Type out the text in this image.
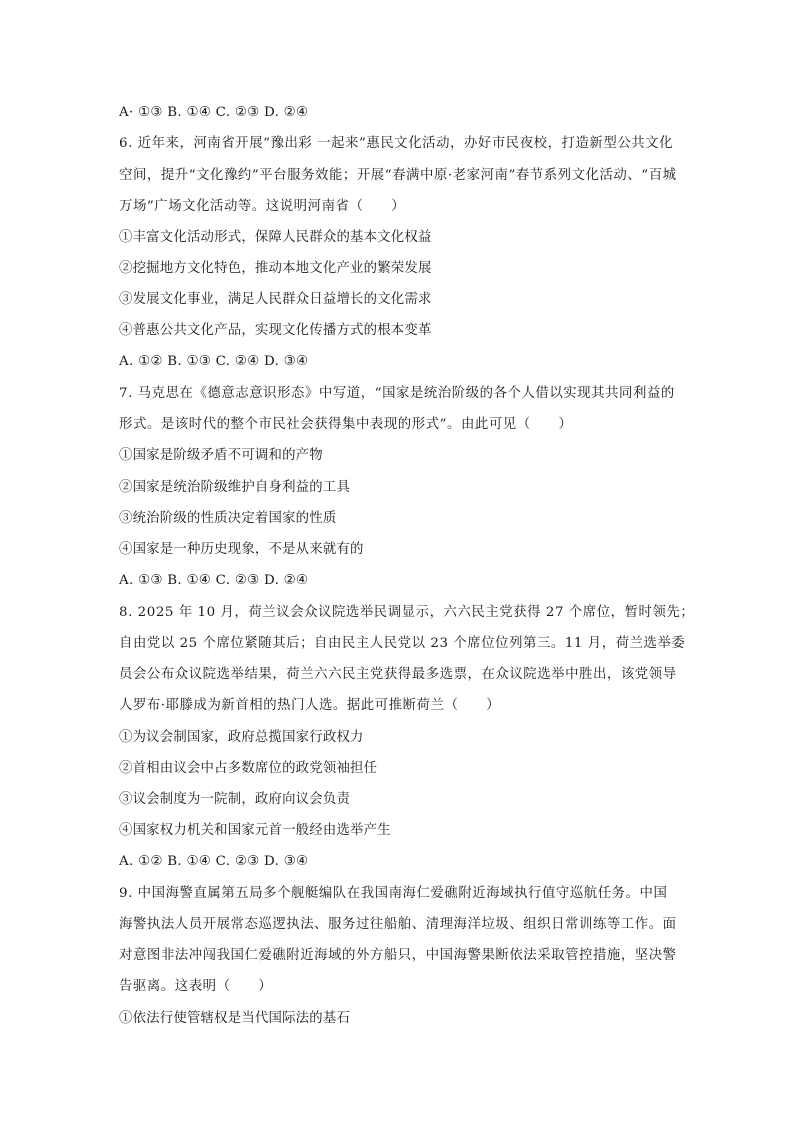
A· ①③ B. ①④ C. ②③ D. ②④
6. 近年来，河南省开展“豫出彩 一起来”惠民文化活动，办好市民夜校，打造新型公共文化
空间，提升“文化豫约”平台服务效能；开展“春满中原·老家河南”春节系列文化活动、“百城
万场”广场文化活动等。这说明河南省（　　）
①丰富文化活动形式，保障人民群众的基本文化权益
②挖掘地方文化特色，推动本地文化产业的繁荣发展
③发展文化事业，满足人民群众日益增长的文化需求
④普惠公共文化产品，实现文化传播方式的根本变革
A. ①② B. ①③ C. ②④ D. ③④
7. 马克思在《德意志意识形态》中写道，“国家是统治阶级的各个人借以实现其共同利益的
形式。是该时代的整个市民社会获得集中表现的形式”。由此可见（　　）
①国家是阶级矛盾不可调和的产物
②国家是统治阶级维护自身利益的工具
③统治阶级的性质决定着国家的性质
④国家是一种历史现象，不是从来就有的
A. ①③ B. ①④ C. ②③ D. ②④
8. 2025 年 10 月，荷兰议会众议院选举民调显示，六六民主党获得 27 个席位，暂时领先；
自由党以 25 个席位紧随其后；自由民主人民党以 23 个席位位列第三。11 月，荷兰选举委
员会公布众议院选举结果，荷兰六六民主党获得最多选票，在众议院选举中胜出，该党领导
人罗布·耶滕成为新首相的热门人选。据此可推断荷兰（　　）
①为议会制国家，政府总揽国家行政权力
②首相由议会中占多数席位的政党领袖担任
③议会制度为一院制，政府向议会负责
④国家权力机关和国家元首一般经由选举产生
A. ①② B. ①④ C. ②③ D. ③④
9. 中国海警直属第五局多个舰艇编队在我国南海仁爱礁附近海域执行值守巡航任务。中国
海警执法人员开展常态巡逻执法、服务过往船舶、清理海洋垃圾、组织日常训练等工作。面
对意图非法冲闯我国仁爱礁附近海域的外方船只，中国海警果断依法采取管控措施，坚决警
告驱离。这表明（　　）
①依法行使管辖权是当代国际法的基石
